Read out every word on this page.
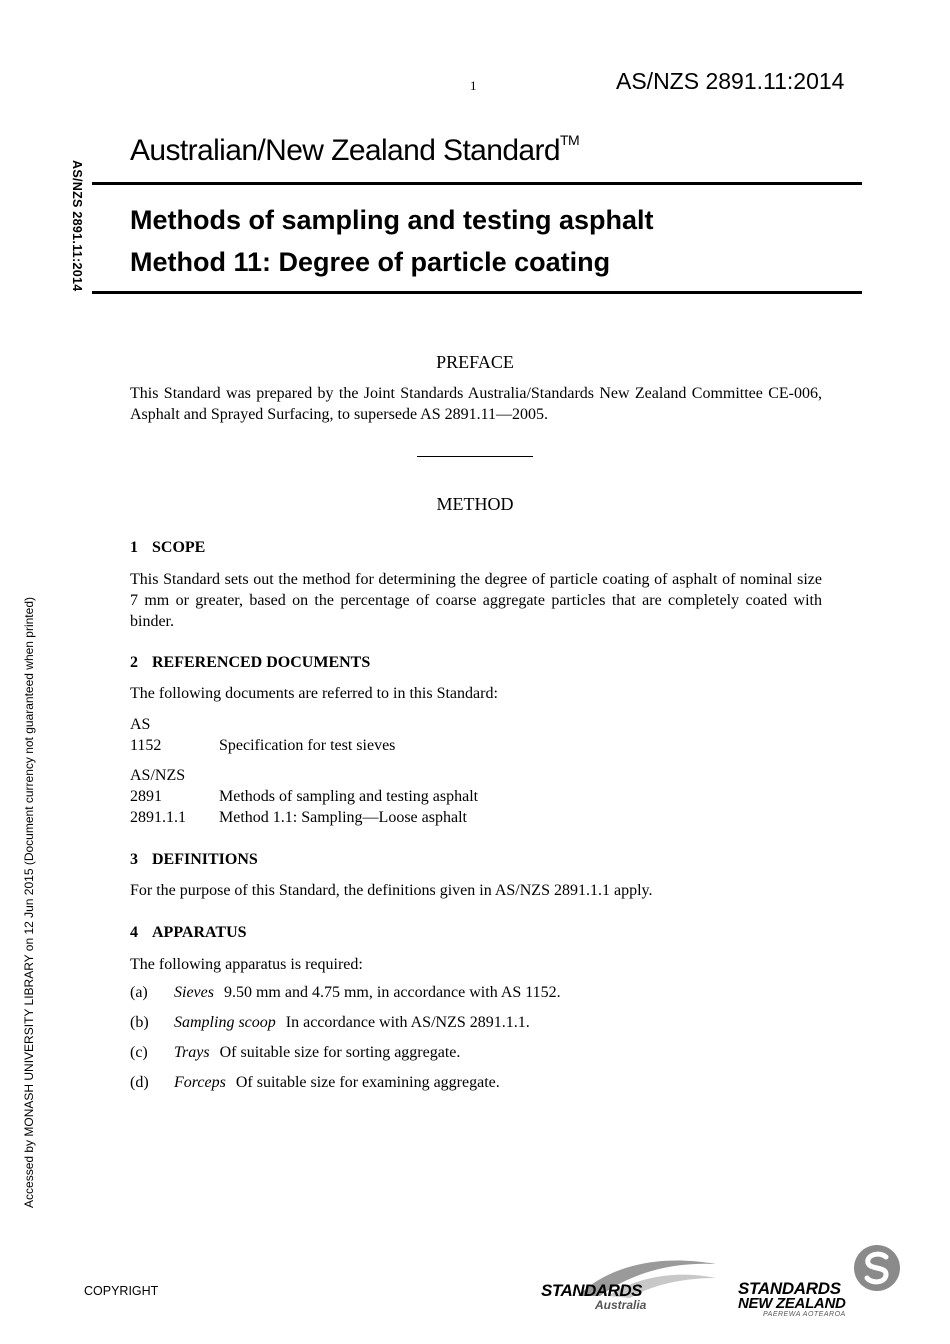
1	AS/NZS 2891.11:2014
AS/NZS 2891.11:2014
Accessed by MONASH UNIVERSITY LIBRARY on 12 Jun 2015 (Document currency not guaranteed when printed)
Australian/New Zealand Standard™
Methods of sampling and testing asphalt
Method 11: Degree of particle coating
PREFACE
This Standard was prepared by the Joint Standards Australia/Standards New Zealand Committee CE-006, Asphalt and Sprayed Surfacing, to supersede AS 2891.11—2005.
METHOD
1 SCOPE
This Standard sets out the method for determining the degree of particle coating of asphalt of nominal size 7 mm or greater, based on the percentage of coarse aggregate particles that are completely coated with binder.
2 REFERENCED DOCUMENTS
The following documents are referred to in this Standard:
AS
1152	Specification for test sieves
AS/NZS
2891	Methods of sampling and testing asphalt
2891.1.1 Method 1.1: Sampling—Loose asphalt
3 DEFINITIONS
For the purpose of this Standard, the definitions given in AS/NZS 2891.1.1 apply.
4 APPARATUS
The following apparatus is required:
(a) Sieves 9.50 mm and 4.75 mm, in accordance with AS 1152.
(b) Sampling scoop In accordance with AS/NZS 2891.1.1.
(c) Trays Of suitable size for sorting aggregate.
(d) Forceps Of suitable size for examining aggregate.
COPYRIGHT	STANDARDS
Australia
STANDARDS
NEW ZEALAND
PAEREWA AOTEAROA
